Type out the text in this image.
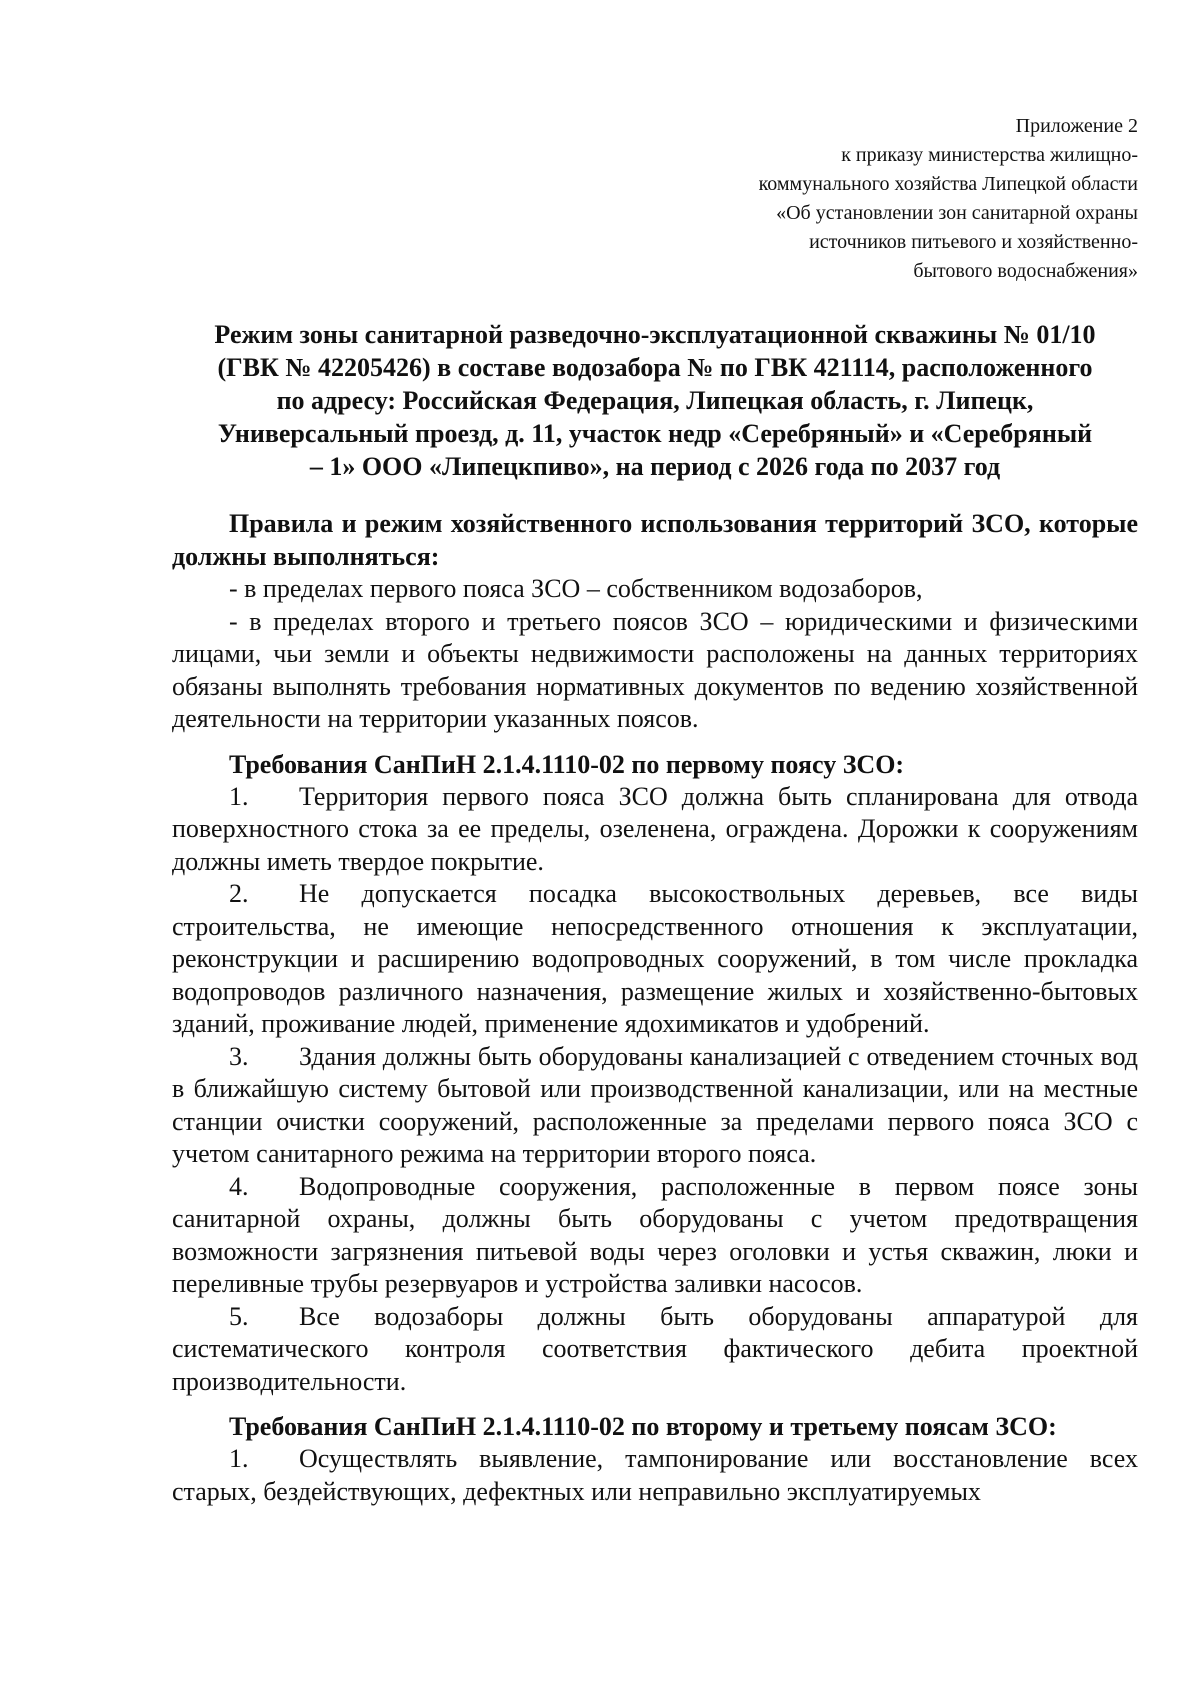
Приложение 2
к приказу министерства жилищно-
коммунального хозяйства Липецкой области
«Об установлении зон санитарной охраны
источников питьевого и хозяйственно-
бытового водоснабжения»
Режим зоны санитарной разведочно-эксплуатационной скважины № 01/10
(ГВК № 42205426) в составе водозабора № по ГВК 421114, расположенного
по адресу: Российская Федерация, Липецкая область, г. Липецк,
Универсальный проезд, д. 11, участок недр «Серебряный» и «Серебряный
– 1» ООО «Липецкпиво», на период с 2026 года по 2037 год

Правила и режим хозяйственного использования территорий ЗСО, которые должны выполняться:

- в пределах первого пояса ЗСО – собственником водозаборов,

- в пределах второго и третьего поясов ЗСО – юридическими и физическими лицами, чьи земли и объекты недвижимости расположены на данных территориях обязаны выполнять требования нормативных документов по ведению хозяйственной деятельности на территории указанных поясов.

Требования СанПиН 2.1.4.1110-02 по первому поясу ЗСО:

1. Территория первого пояса ЗСО должна быть спланирована для отвода поверхностного стока за ее пределы, озеленена, ограждена. Дорожки к сооружениям должны иметь твердое покрытие.

2. Не допускается посадка высокоствольных деревьев, все виды строительства, не имеющие непосредственного отношения к эксплуатации, реконструкции и расширению водопроводных сооружений, в том числе прокладка водопроводов различного назначения, размещение жилых и хозяйственно-бытовых зданий, проживание людей, применение ядохимикатов и удобрений.

3. Здания должны быть оборудованы канализацией с отведением сточных вод в ближайшую систему бытовой или производственной канализации, или на местные станции очистки сооружений, расположенные за пределами первого пояса ЗСО с учетом санитарного режима на территории второго пояса.

4. Водопроводные сооружения, расположенные в первом поясе зоны санитарной охраны, должны быть оборудованы с учетом предотвращения возможности загрязнения питьевой воды через оголовки и устья скважин, люки и переливные трубы резервуаров и устройства заливки насосов.

5. Все водозаборы должны быть оборудованы аппаратурой для систематического контроля соответствия фактического дебита проектной производительности.

Требования СанПиН 2.1.4.1110-02 по второму и третьему поясам ЗСО:

1. Осуществлять выявление, тампонирование или восстановление всех старых, бездействующих, дефектных или неправильно эксплуатируемых
